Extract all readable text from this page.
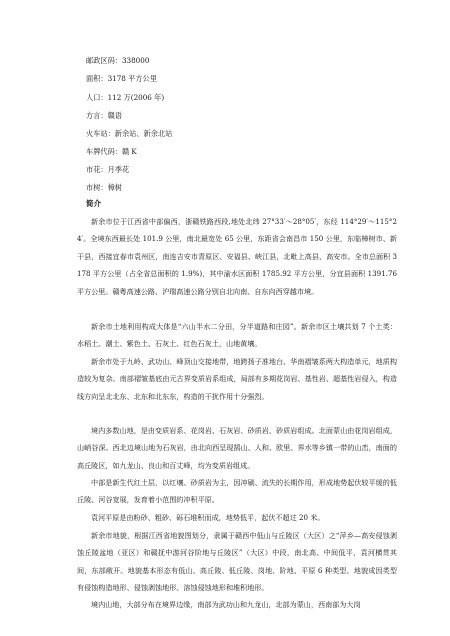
邮政区码：338000
面积：3178 平方公里
人口：112 万(2006 年)
方言：赣语
火车站：新余站、新余北站
车牌代码：赣 K
市花：月季花
市树：樟树
简介

新余市位于江西省中部偏西，浙赣铁路西段,地处北纬 27°33′～28°05′，东经 114°29′～115°24′。全境东西最长处 101.9 公里，南北最宽处 65 公里，东距省会南昌市 150 公里，东临樟树市、新干县，西接宜春市袁州区，南连吉安市青原区、安福县、峡江县，北毗上高县、高安市。全市总面积 3178 平方公里（占全省总面积的 1.9%)，其中渝水区面积 1785.92 平方公里，分宜县面积 1391.76 平方公里。赣粤高速公路、沪瑞高速公路分别自北向南、自东向西穿越市境。

新余市土地利用构成大体是“六山半水二分田，分半道路和庄园”。新余市区土壤共划 7 个土类：水稻土、潮土、紫色土、石灰土、红色石灰土，山地黄壤。

新余市处于九岭、武功山、峰顶山交接地带，地跨扬子准地台、华南褶皱系两大构造单元，地质构造较为复杂。南部褶皱基底由元古界变质岩系组成，局部有多期花岗岩、基性岩、超基性岩侵入，构造线方向呈北北东、北东和北东东，构造的干扰作用十分强烈。

境内多数山地，是由变质岩系、花岗岩、石灰岩、砂质岩、砂质岩组成。北面蒙山由花岗岩组成，山峭谷深。西北边境山地为石灰岩，由北向西呈现鹄山、人和、欧里、界水等乡镇一带的山峦，南面的高丘陵区，如九龙山、良山和百丈峰，均为变质岩组成。

中部是新生代红土层，以红壤、砂质岩为主，因冲刷、流失的长期作用，形成地势起伏较平缓的低丘陵、河谷宽展，发育着小范围的冲积平原。

袁河平原是由粉砂、粗砂、砾石堆积而成，地势低平，起伏不超过 20 米。

新余市地貌，根据江西省地貌图划分，隶属于赣西中低山与丘陵区（大区）之“萍乡—高安侵蚀剥蚀丘陵盆地（亚区）和赣抚中游河谷阶地与丘陵区”（大区）中段，南北高、中间低平，袁河横贯其间，东部敞开。地貌基本形态有低山、高丘陵、低丘陵、岗地、阶地、平原 6 种类型。地貌成因类型有侵蚀构造地形、侵蚀剥蚀地形、溶蚀侵蚀地形和堆积地形。

境内山地，大部分布在境界边缘，南部为武功山和九龙山，北部为蒙山，西南部为大岗
